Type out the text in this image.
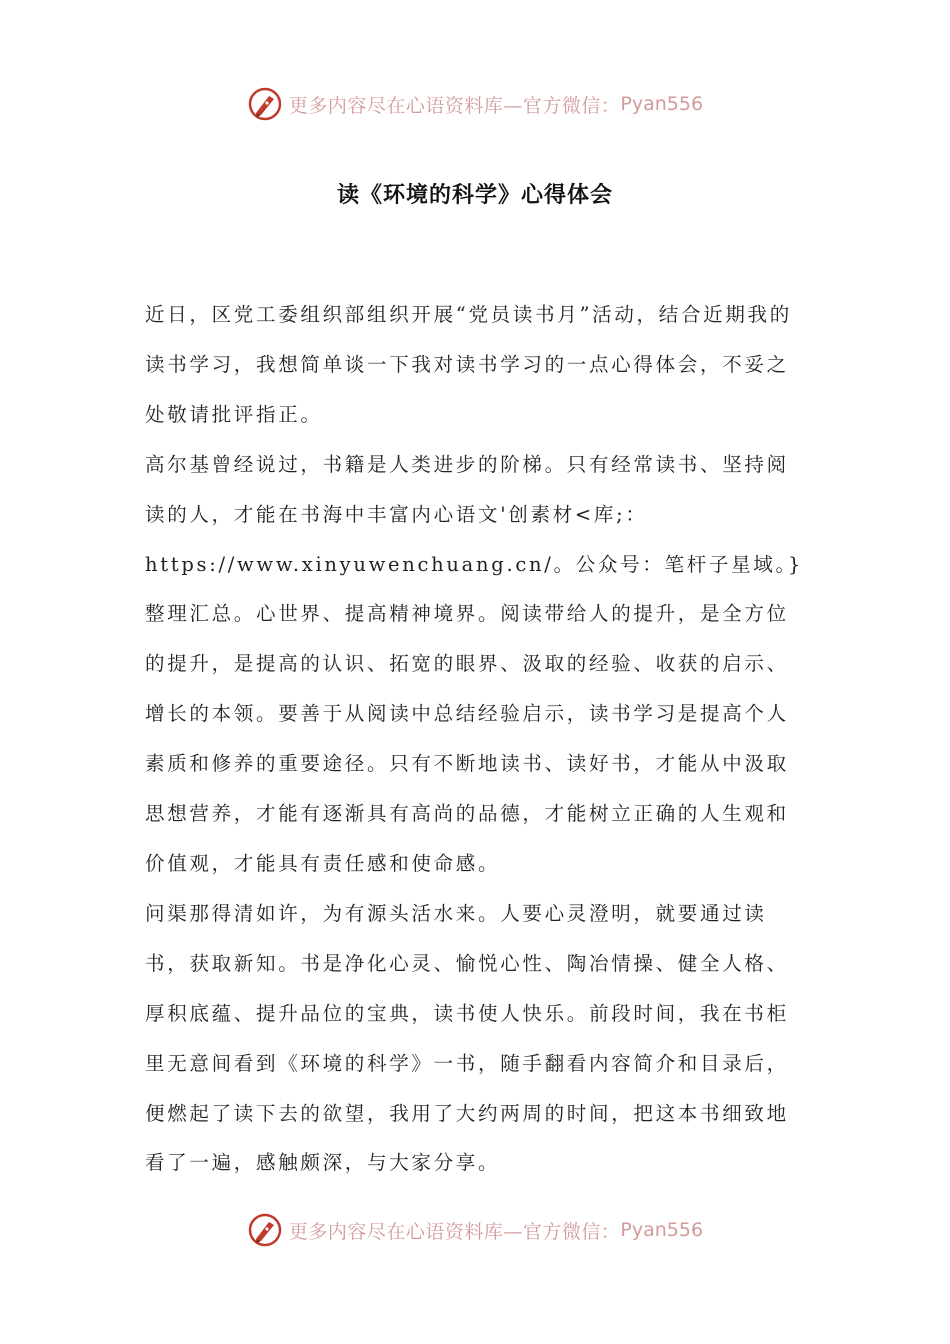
更多内容尽在心语资料库—官方微信： Pyan556
读《环境的科学》心得体会

近日，区党工委组织部组织开展“党员读书月”活动，结合近期我的读书学习，我想简单谈一下我对读书学习的一点心得体会，不妥之处敬请批评指正。

高尔基曾经说过，书籍是人类进步的阶梯。只有经常读书、坚持阅读的人，才能在书海中丰富内心语文'创素材<库;：https://www.xinyuwenchuang.cn/。公众号：笔杆子星域。}整理汇总。心世界、提高精神境界。阅读带给人的提升，是全方位的提升，是提高的认识、拓宽的眼界、汲取的经验、收获的启示、增长的本领。要善于从阅读中总结经验启示，读书学习是提高个人素质和修养的重要途径。只有不断地读书、读好书，才能从中汲取思想营养，才能有逐渐具有高尚的品德，才能树立正确的人生观和价值观，才能具有责任感和使命感。

问渠那得清如许，为有源头活水来。人要心灵澄明，就要通过读书，获取新知。书是净化心灵、愉悦心性、陶冶情操、健全人格、厚积底蕴、提升品位的宝典，读书使人快乐。前段时间，我在书柜里无意间看到《环境的科学》一书，随手翻看内容简介和目录后，便燃起了读下去的欲望，我用了大约两周的时间，把这本书细致地看了一遍，感触颇深，与大家分享。

更多内容尽在心语资料库—官方微信： Pyan556
